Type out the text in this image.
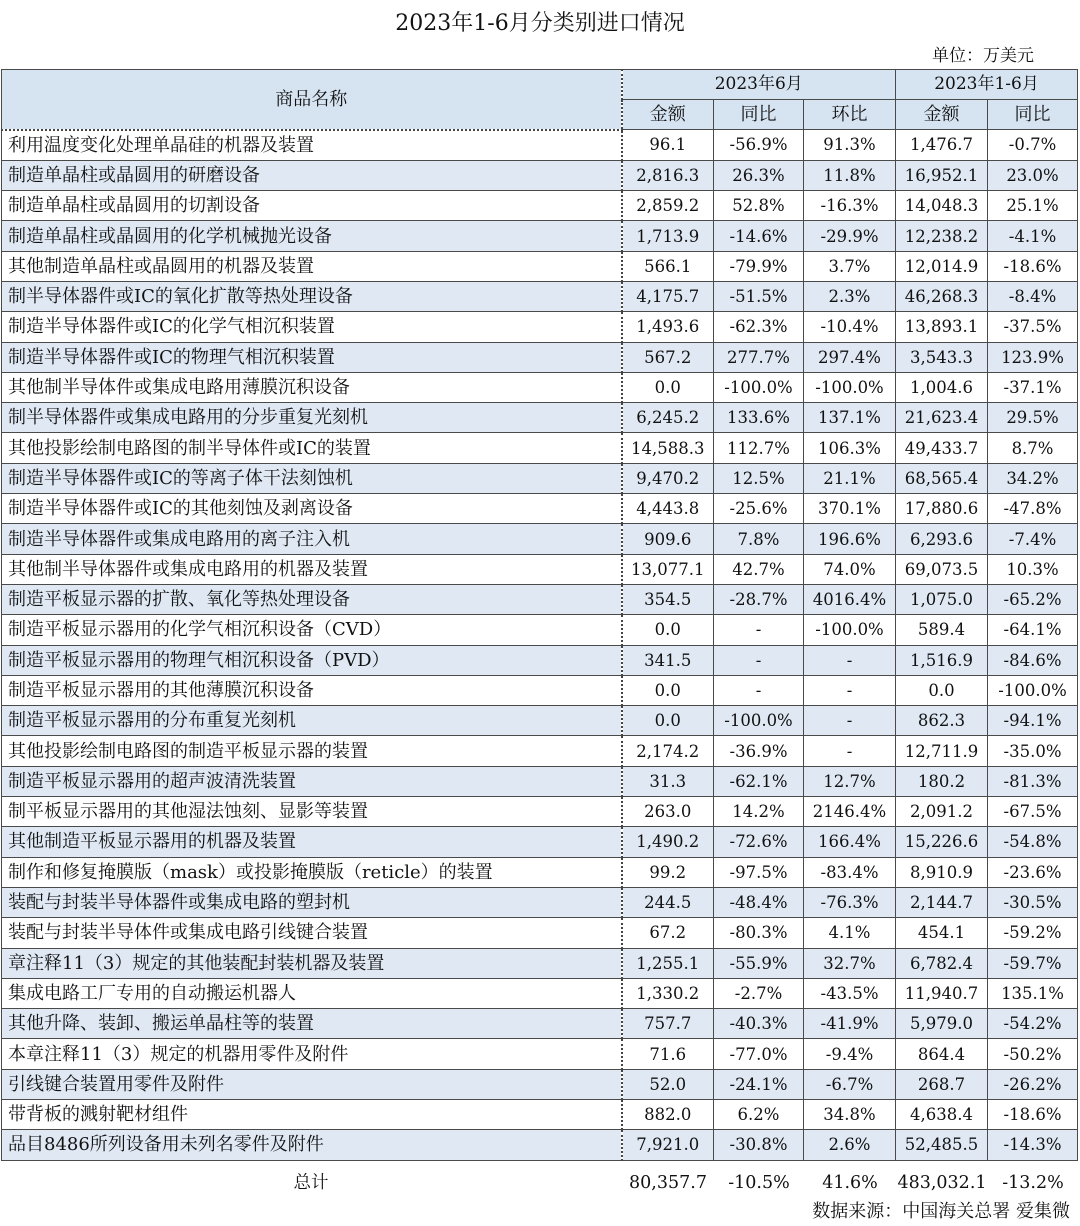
2023年1-6月分类别进口情况
单位：万美元
商品名称	2023年6月			2023年1-6月	
	金额	同比	环比	金额	同比
利用温度变化处理单晶硅的机器及装置	96.1	-56.9%	91.3%	1,476.7	-0.7%
制造单晶柱或晶圆用的研磨设备	2,816.3	26.3%	11.8%	16,952.1	23.0%
制造单晶柱或晶圆用的切割设备	2,859.2	52.8%	-16.3%	14,048.3	25.1%
制造单晶柱或晶圆用的化学机械抛光设备	1,713.9	-14.6%	-29.9%	12,238.2	-4.1%
其他制造单晶柱或晶圆用的机器及装置	566.1	-79.9%	3.7%	12,014.9	-18.6%
制半导体器件或IC的氧化扩散等热处理设备	4,175.7	-51.5%	2.3%	46,268.3	-8.4%
制造半导体器件或IC的化学气相沉积装置	1,493.6	-62.3%	-10.4%	13,893.1	-37.5%
制造半导体器件或IC的物理气相沉积装置	567.2	277.7%	297.4%	3,543.3	123.9%
其他制半导体件或集成电路用薄膜沉积设备	0.0	-100.0%	-100.0%	1,004.6	-37.1%
制半导体器件或集成电路用的分步重复光刻机	6,245.2	133.6%	137.1%	21,623.4	29.5%
其他投影绘制电路图的制半导体件或IC的装置	14,588.3	112.7%	106.3%	49,433.7	8.7%
制造半导体器件或IC的等离子体干法刻蚀机	9,470.2	12.5%	21.1%	68,565.4	34.2%
制造半导体器件或IC的其他刻蚀及剥离设备	4,443.8	-25.6%	370.1%	17,880.6	-47.8%
制造半导体器件或集成电路用的离子注入机	909.6	7.8%	196.6%	6,293.6	-7.4%
其他制半导体器件或集成电路用的机器及装置	13,077.1	42.7%	74.0%	69,073.5	10.3%
制造平板显示器的扩散、氧化等热处理设备	354.5	-28.7%	4016.4%	1,075.0	-65.2%
制造平板显示器用的化学气相沉积设备（CVD）	0.0	-	-100.0%	589.4	-64.1%
制造平板显示器用的物理气相沉积设备（PVD）	341.5	-	-	1,516.9	-84.6%
制造平板显示器用的其他薄膜沉积设备	0.0	-	-	0.0	-100.0%
制造平板显示器用的分布重复光刻机	0.0	-100.0%	-	862.3	-94.1%
其他投影绘制电路图的制造平板显示器的装置	2,174.2	-36.9%	-	12,711.9	-35.0%
制造平板显示器用的超声波清洗装置	31.3	-62.1%	12.7%	180.2	-81.3%
制平板显示器用的其他湿法蚀刻、显影等装置	263.0	14.2%	2146.4%	2,091.2	-67.5%
其他制造平板显示器用的机器及装置	1,490.2	-72.6%	166.4%	15,226.6	-54.8%
制作和修复掩膜版（mask）或投影掩膜版（reticle）的装置	99.2	-97.5%	-83.4%	8,910.9	-23.6%
装配与封装半导体器件或集成电路的塑封机	244.5	-48.4%	-76.3%	2,144.7	-30.5%
装配与封装半导体件或集成电路引线键合装置	67.2	-80.3%	4.1%	454.1	-59.2%
章注释11（3）规定的其他装配封装机器及装置	1,255.1	-55.9%	32.7%	6,782.4	-59.7%
集成电路工厂专用的自动搬运机器人	1,330.2	-2.7%	-43.5%	11,940.7	135.1%
其他升降、装卸、搬运单晶柱等的装置	757.7	-40.3%	-41.9%	5,979.0	-54.2%
本章注释11（3）规定的机器用零件及附件	71.6	-77.0%	-9.4%	864.4	-50.2%
引线键合装置用零件及附件	52.0	-24.1%	-6.7%	268.7	-26.2%
带背板的溅射靶材组件	882.0	6.2%	34.8%	4,638.4	-18.6%
品目8486所列设备用未列名零件及附件	7,921.0	-30.8%	2.6%	52,485.5	-14.3%
总计	80,357.7	-10.5%	41.6%	483,032.1 -13.2%
数据来源：中国海关总署 爱集微
